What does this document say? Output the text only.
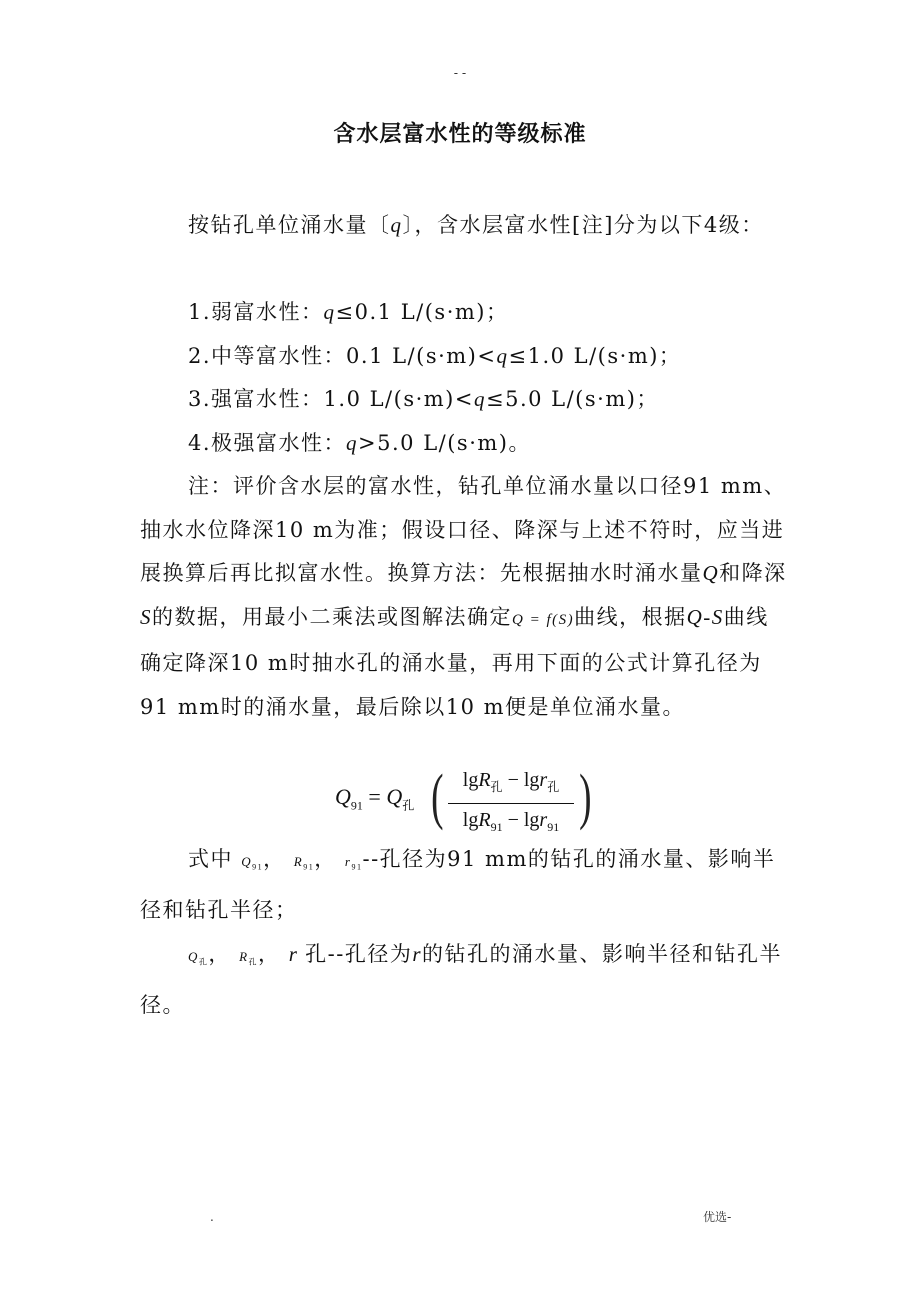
- -
含水层富水性的等级标准

按钻孔单位涌水量〔q〕，含水层富水性[注]分为以下4级：

1.弱富水性：q≤0.1 L/(s·m)；

2.中等富水性：0.1 L/(s·m)<q≤1.0 L/(s·m)；

3.强富水性：1.0 L/(s·m)<q≤5.0 L/(s·m)；

4.极强富水性：q>5.0 L/(s·m)。

注：评价含水层的富水性，钻孔单位涌水量以口径91 mm、抽水水位降深10 m为准；假设口径、降深与上述不符时，应当进展换算后再比拟富水性。换算方法：先根据抽水时涌水量Q和降深S的数据，用最小二乘法或图解法确定Q = f(S)曲线，根据Q-S曲线确定降深10 m时抽水孔的涌水量，再用下面的公式计算孔径为91 mm时的涌水量，最后除以10 m便是单位涌水量。

$Q_{91} = Q_孔$ ( lgR$_孔$ − lgr$_孔$
lgR$_{91}$ − lgr$_{91}$ )

式中 $Q_{91}$， $R_{91}$， $r_{91}--$孔径为91 mm的钻孔的涌水量、影响半径和钻孔半径；

$Q_孔$， $R_孔$， r 孔--孔径为r的钻孔的涌水量、影响半径和钻孔半径。

.	优选-
